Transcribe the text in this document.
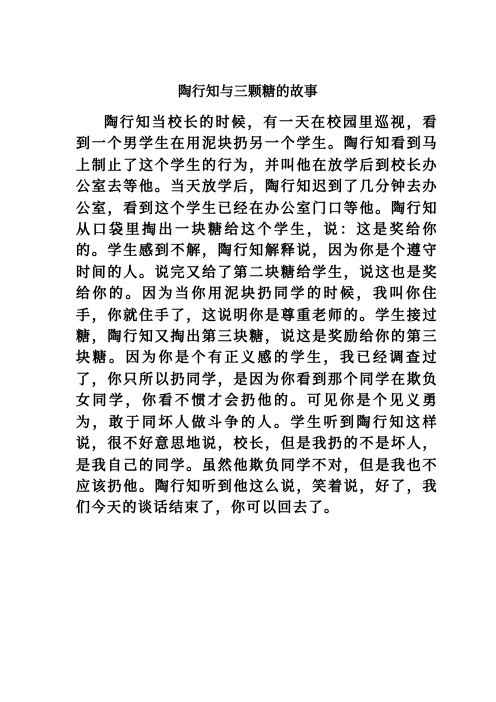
陶行知与三颗糖的故事

陶行知当校长的时候，有一天在校园里巡视，看到一个男学生在用泥块扔另一个学生。陶行知看到马上制止了这个学生的行为，并叫他在放学后到校长办公室去等他。当天放学后，陶行知迟到了几分钟去办公室，看到这个学生已经在办公室门口等他。陶行知从口袋里掏出一块糖给这个学生，说：这是奖给你的。学生感到不解，陶行知解释说，因为你是个遵守时间的人。说完又给了第二块糖给学生，说这也是奖给你的。因为当你用泥块扔同学的时候，我叫你住手，你就住手了，这说明你是尊重老师的。学生接过糖，陶行知又掏出第三块糖，说这是奖励给你的第三块糖。因为你是个有正义感的学生，我已经调查过了，你只所以扔同学，是因为你看到那个同学在欺负女同学，你看不惯才会扔他的。可见你是个见义勇为，敢于同坏人做斗争的人。学生听到陶行知这样说，很不好意思地说，校长，但是我扔的不是坏人，是我自己的同学。虽然他欺负同学不对，但是我也不应该扔他。陶行知听到他这么说，笑着说，好了，我们今天的谈话结束了，你可以回去了。
